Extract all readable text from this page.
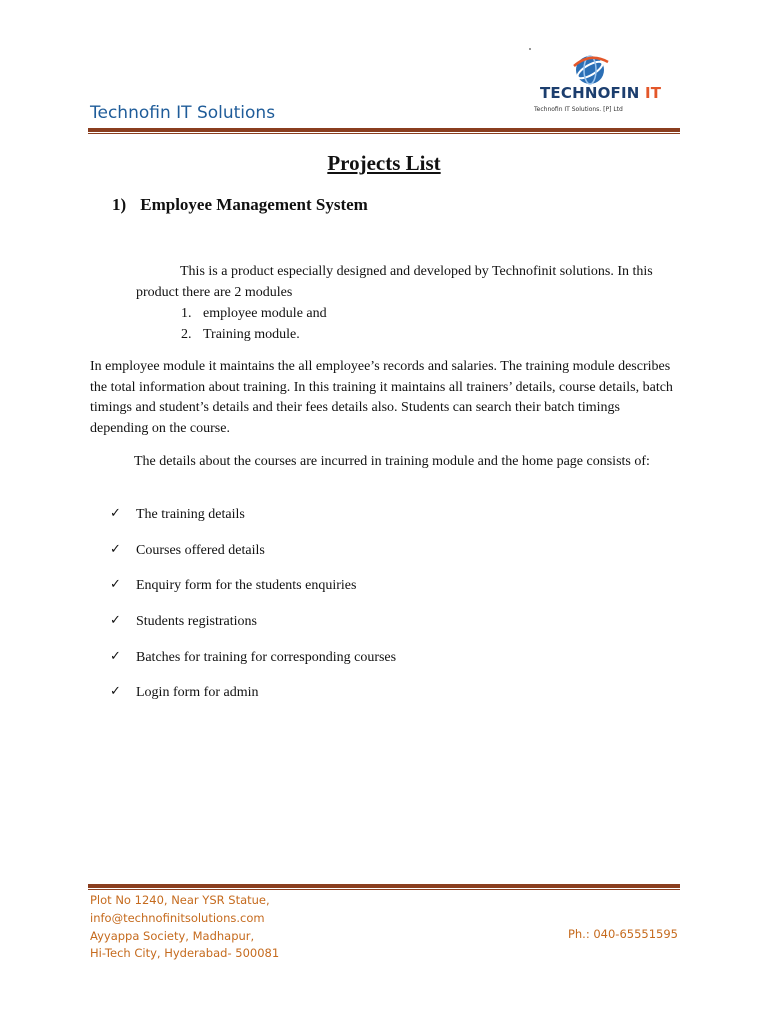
Technofin IT Solutions
TECHNOFIN IT
Technofin IT Solutions. [P] Ltd
Projects List
1) Employee Management System
This is a product especially designed and developed by Technofinit solutions. In this product there are 2 modules
1. employee module and
2. Training module.
In employee module it maintains the all employee’s records and salaries. The training module describes the total information about training. In this training it maintains all trainers’ details, course details, batch timings and student’s details and their fees details also. Students can search their batch timings depending on the course.
The details about the courses are incurred in training module and the home page consists of:
✓	The training details
✓	Courses offered details
✓	Enquiry form for the students enquiries
✓	Students registrations
✓	Batches for training for corresponding courses
✓	Login form for admin
Plot No 1240, Near YSR Statue,
info@technofinitsolutions.com
Ayyappa Society, Madhapur,
Hi-Tech City, Hyderabad- 500081
Ph.: 040-65551595
